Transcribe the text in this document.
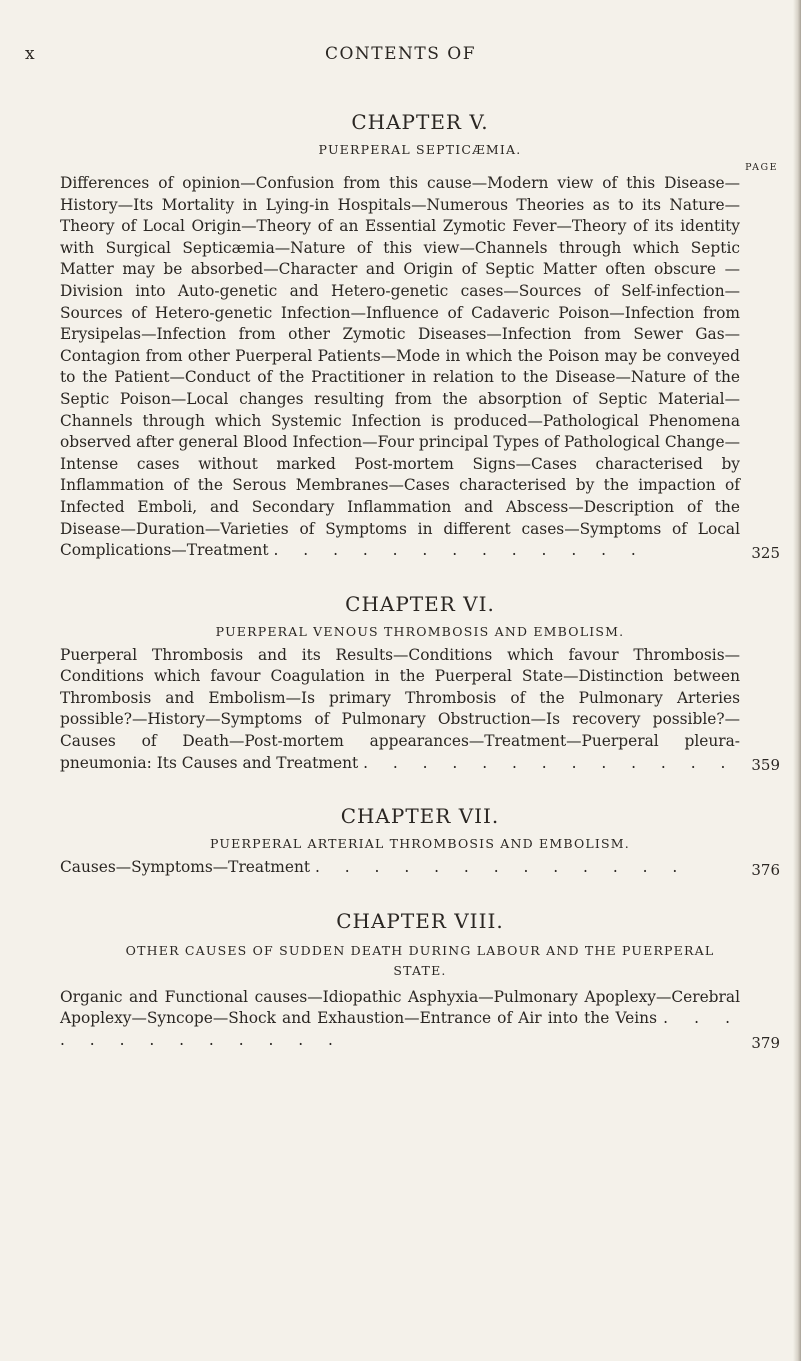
x	CONTENTS OF
CHAPTER V.
PUERPERAL SEPTICÆMIA.
PAGE
Differences of opinion—Confusion from this cause—Modern view of this Disease—History—Its Mortality in Lying-in Hospitals—Numerous Theories as to its Nature—Theory of Local Origin—Theory of an Essential Zymotic Fever—Theory of its identity with Surgical Septicæmia—Nature of this view—Channels through which Septic Matter may be absorbed—Character and Origin of Septic Matter often obscure —Division into Auto-genetic and Hetero-genetic cases—Sources of Self-infection—Sources of Hetero-genetic Infection—Influence of Cadaveric Poison—Infection from Erysipelas—Infection from other Zymotic Diseases—Infection from Sewer Gas—Contagion from other Puerperal Patients—Mode in which the Poison may be conveyed to the Patient—Conduct of the Practitioner in relation to the Disease—Nature of the Septic Poison—Local changes resulting from the absorption of Septic Material—Channels through which Systemic Infection is produced—Pathological Phenomena observed after general Blood Infection—Four principal Types of Pathological Change—Intense cases without marked Post-mortem Signs—Cases characterised by Inflammation of the Serous Membranes—Cases characterised by the impaction of Infected Emboli, and Secondary Inflammation and Abscess—Description of the Disease—Duration—Varieties of Symptoms in different cases—Symptoms of Local Complications—Treatment . . . . . . . . . . . . .	325
CHAPTER VI.
PUERPERAL VENOUS THROMBOSIS AND EMBOLISM.
Puerperal Thrombosis and its Results—Conditions which favour Thrombosis—Conditions which favour Coagulation in the Puerperal State—Distinction between Thrombosis and Embolism—Is primary Thrombosis of the Pulmonary Arteries possible?—History—Symptoms of Pulmonary Obstruction—Is recovery possible?—Causes of Death—Post-mortem appearances—Treatment—Puerperal pleura-pneumonia: Its Causes and Treatment . . . . . . . . . . . . .	359
CHAPTER VII.
PUERPERAL ARTERIAL THROMBOSIS AND EMBOLISM.
Causes—Symptoms—Treatment . . . . . . . . . . . . .	376
CHAPTER VIII.
OTHER CAUSES OF SUDDEN DEATH DURING LABOUR AND THE PUERPERAL STATE.
Organic and Functional causes—Idiopathic Asphyxia—Pulmonary Apoplexy—Cerebral Apoplexy—Syncope—Shock and Exhaustion—Entrance of Air into the Veins . . . . . . . . . . . . .	379
